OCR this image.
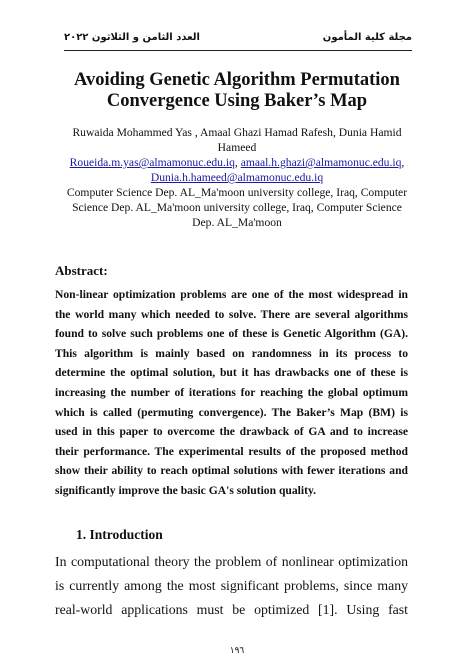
مجلة كلية المأمون
العدد الثامن و الثلاثون ٢٠٢٢
Avoiding Genetic Algorithm Permutation
Convergence Using Baker’s Map
Ruwaida Mohammed Yas , Amaal Ghazi Hamad Rafesh, Dunia Hamid
Hameed
Roueida.m.yas@almamonuc.edu.iq, amaal.h.ghazi@almamonuc.edu.iq,
Dunia.h.hameed@almamonuc.edu.iq
Computer Science Dep. AL_Ma'moon university college, Iraq, Computer
Science Dep. AL_Ma'moon university college, Iraq, Computer Science
Dep. AL_Ma'moon
Abstract:
Non-linear optimization problems are one of the most widespread in
the world many which needed to solve. There are several algorithms
found to solve such problems one of these is Genetic Algorithm (GA).
This algorithm is mainly based on randomness in its process to
determine the optimal solution, but it has drawbacks one of these is
increasing the number of iterations for reaching the global optimum
which is called (permuting convergence). The Baker’s Map (BM) is
used in this paper to overcome the drawback of GA and to increase
their performance. The experimental results of the proposed method
show their ability to reach optimal solutions with fewer iterations and
significantly improve the basic GA's solution quality.
1. Introduction
In computational theory the problem of nonlinear optimization
is currently among the most significant problems, since many
real-world applications must be optimized [1]. Using fast
١٩٦
